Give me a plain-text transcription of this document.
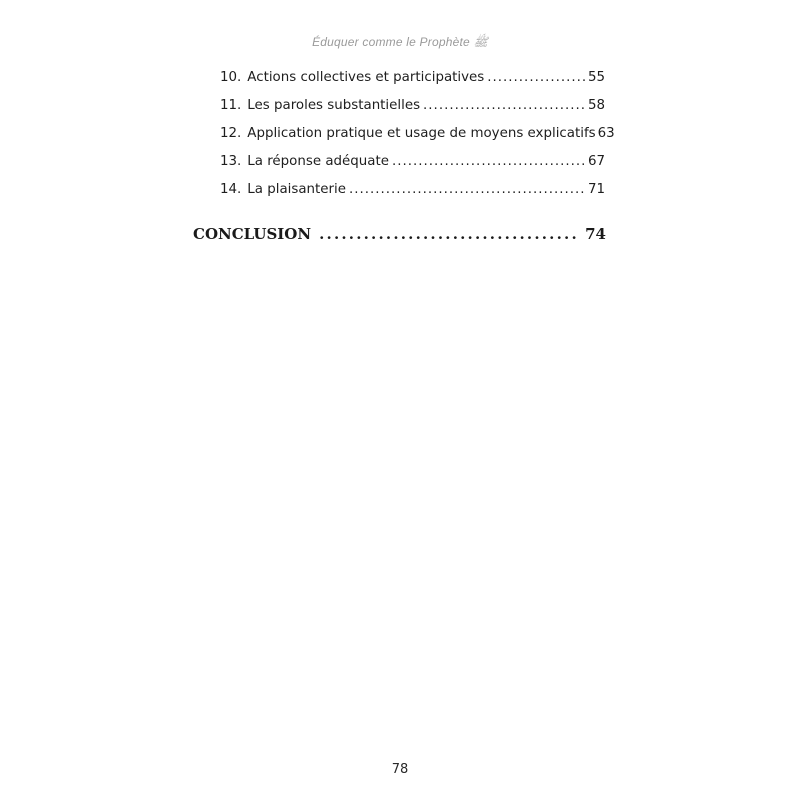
Éduquer comme le Prophète ﷺ
10. Actions collectives et participatives .....	55
11. Les paroles substantielles .....	58
12. Application pratique et usage de moyens explicatifs 63
13. La réponse adéquate .....	67
14. La plaisanterie .....	71
CONCLUSION .....	74
78
